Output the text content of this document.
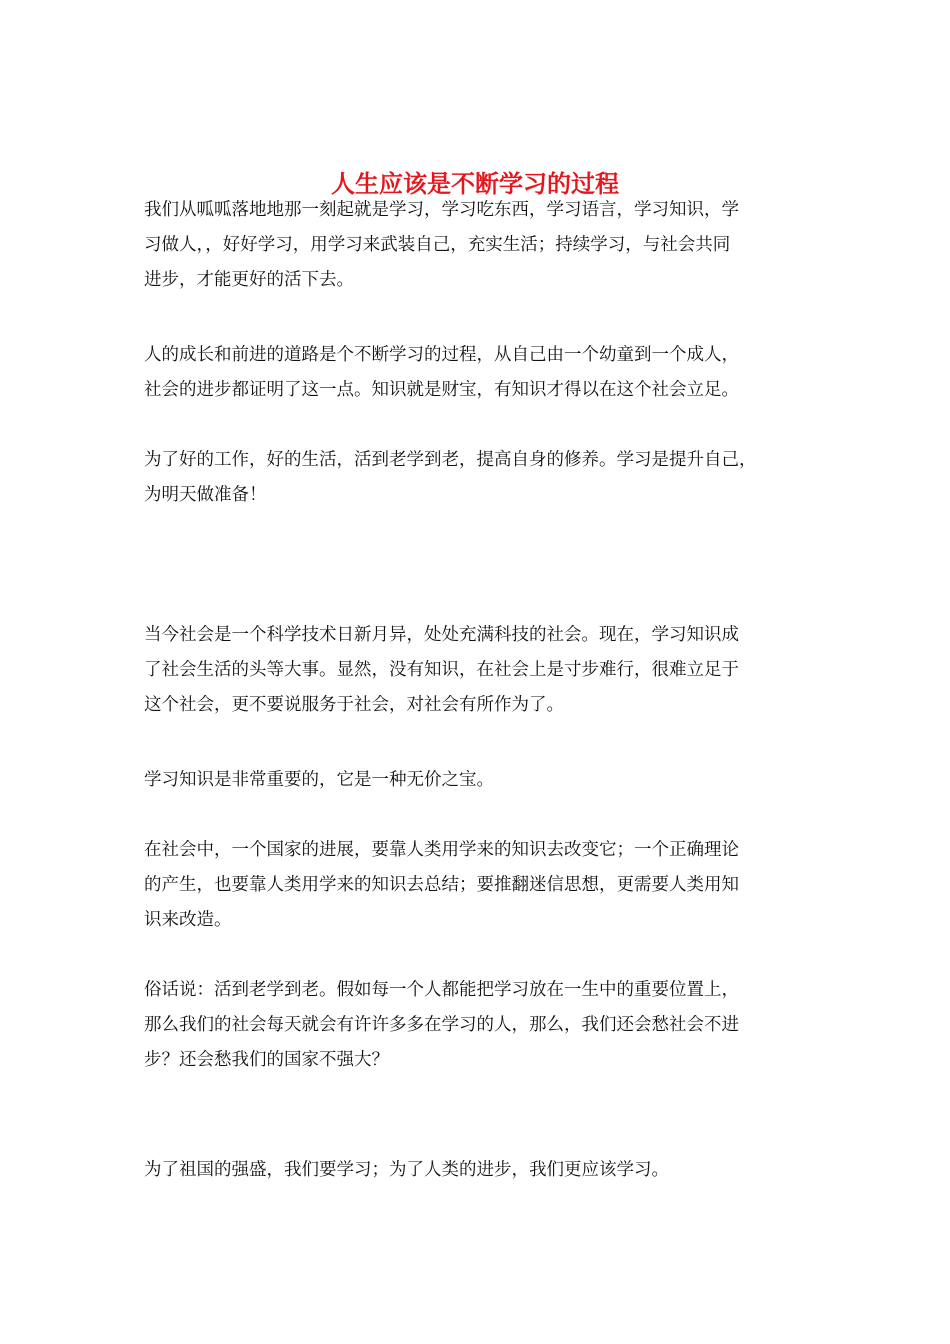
人生应该是不断学习的过程

我们从呱呱落地地那一刻起就是学习，学习吃东西，学习语言，学习知识，学
习做人，，好好学习，用学习来武装自己，充实生活；持续学习，与社会共同
进步，才能更好的活下去。

人的成长和前进的道路是个不断学习的过程，从自己由一个幼童到一个成人，
社会的进步都证明了这一点。知识就是财宝，有知识才得以在这个社会立足。

为了好的工作，好的生活，活到老学到老，提高自身的修养。学习是提升自己，
为明天做准备！

当今社会是一个科学技术日新月异，处处充满科技的社会。现在，学习知识成
了社会生活的头等大事。显然，没有知识，在社会上是寸步难行，很难立足于
这个社会，更不要说服务于社会，对社会有所作为了。

学习知识是非常重要的，它是一种无价之宝。

在社会中，一个国家的进展，要靠人类用学来的知识去改变它；一个正确理论
的产生，也要靠人类用学来的知识去总结；要推翻迷信思想，更需要人类用知
识来改造。

俗话说：活到老学到老。假如每一个人都能把学习放在一生中的重要位置上，
那么我们的社会每天就会有许许多多在学习的人，那么，我们还会愁社会不进
步？还会愁我们的国家不强大？

为了祖国的强盛，我们要学习；为了人类的进步，我们更应该学习。
